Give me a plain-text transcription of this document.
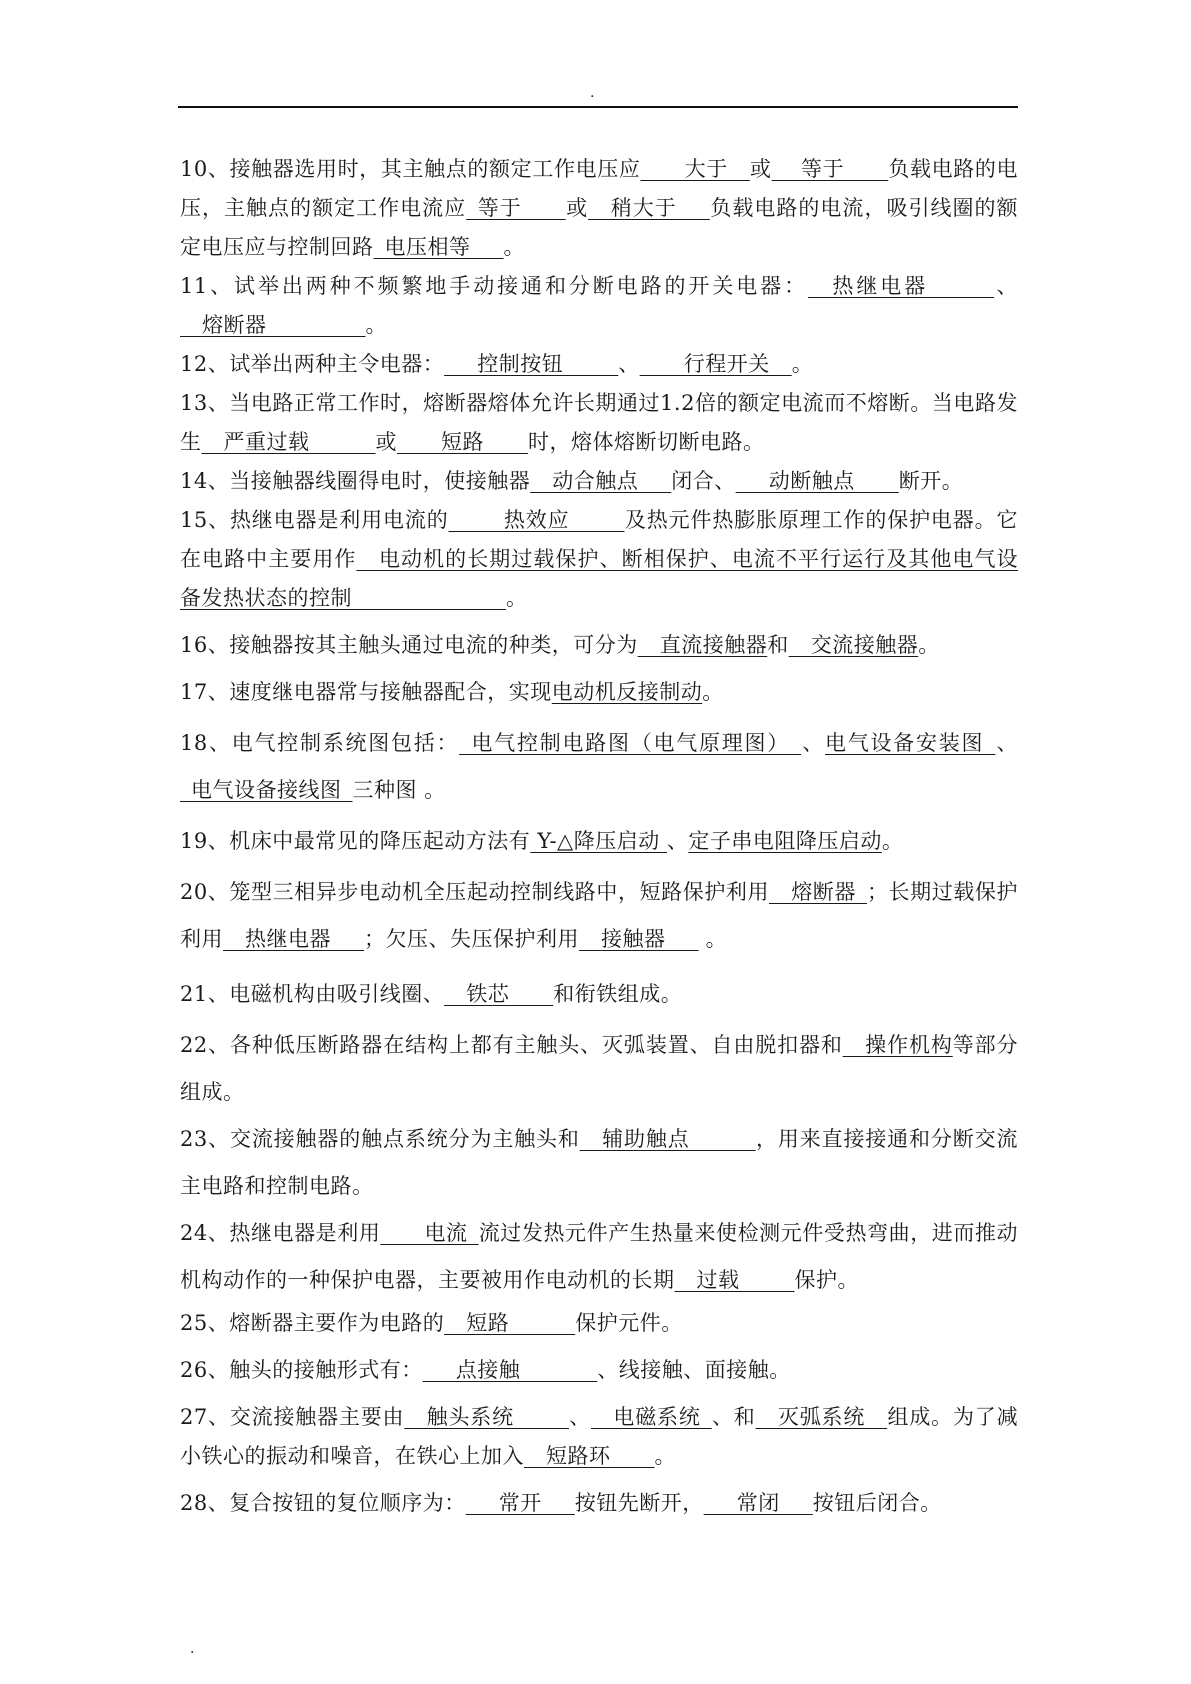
.

10、接触器选用时，其主触点的额定工作电压应____大于__或__ 等于____负载电路的电压，主触点的额定工作电流应_等于____或__稍大于___负载电路的电流，吸引线圈的额定电压应与控制回路_电压相等___。

11、试举出两种不频繁地手动接通和分断电路的开关电器：__热继电器______、__熔断器_________。

12、试举出两种主令电器：___控制按钮_____、____行程开关__。

13、当电路正常工作时，熔断器熔体允许长期通过1.2倍的额定电流而不熔断。当电路发生__严重过载______或____短路____时，熔体熔断切断电路。

14、当接触器线圈得电时，使接触器__动合触点___闭合、___动断触点____断开。

15、热继电器是利用电流的_____热效应_____及热元件热膨胀原理工作的保护电器。它在电路中主要用作__电动机的长期过载保护、断相保护、电流不平行运行及其他电气设备发热状态的控制______________。

16、接触器按其主触头通过电流的种类，可分为__直流接触器和__交流接触器。

17、速度继电器常与接触器配合，实现电动机反接制动。

18、电气控制系统图包括：_电气控制电路图（电气原理图）_、电气设备安装图_、_电气设备接线图_三种图 。

19、机床中最常见的降压起动方法有 Y-△降压启动 、定子串电阻降压启动。

20、笼型三相异步电动机全压起动控制线路中，短路保护利用__熔断器_；长期过载保护利用__热继电器___；欠压、失压保护利用__接触器___ 。

21、电磁机构由吸引线圈、__铁芯____和衔铁组成。

22、各种低压断路器在结构上都有主触头、灭弧装置、自由脱扣器和__操作机构等部分组成。

23、交流接触器的触点系统分为主触头和__辅助触点______，用来直接接通和分断交流主电路和控制电路。

24、热继电器是利用____电流_流过发热元件产生热量来使检测元件受热弯曲，进而推动机构动作的一种保护电器，主要被用作电动机的长期__过载_____保护。

25、熔断器主要作为电路的__短路______保护元件。

26、触头的接触形式有：___点接触_______、线接触、面接触。

27、交流接触器主要由__触头系统_____、__电磁系统_、和__灭弧系统__组成。为了减小铁心的振动和噪音，在铁心上加入__短路环____。

28、复合按钮的复位顺序为：___常开___按钮先断开，___常闭___按钮后闭合。

.
